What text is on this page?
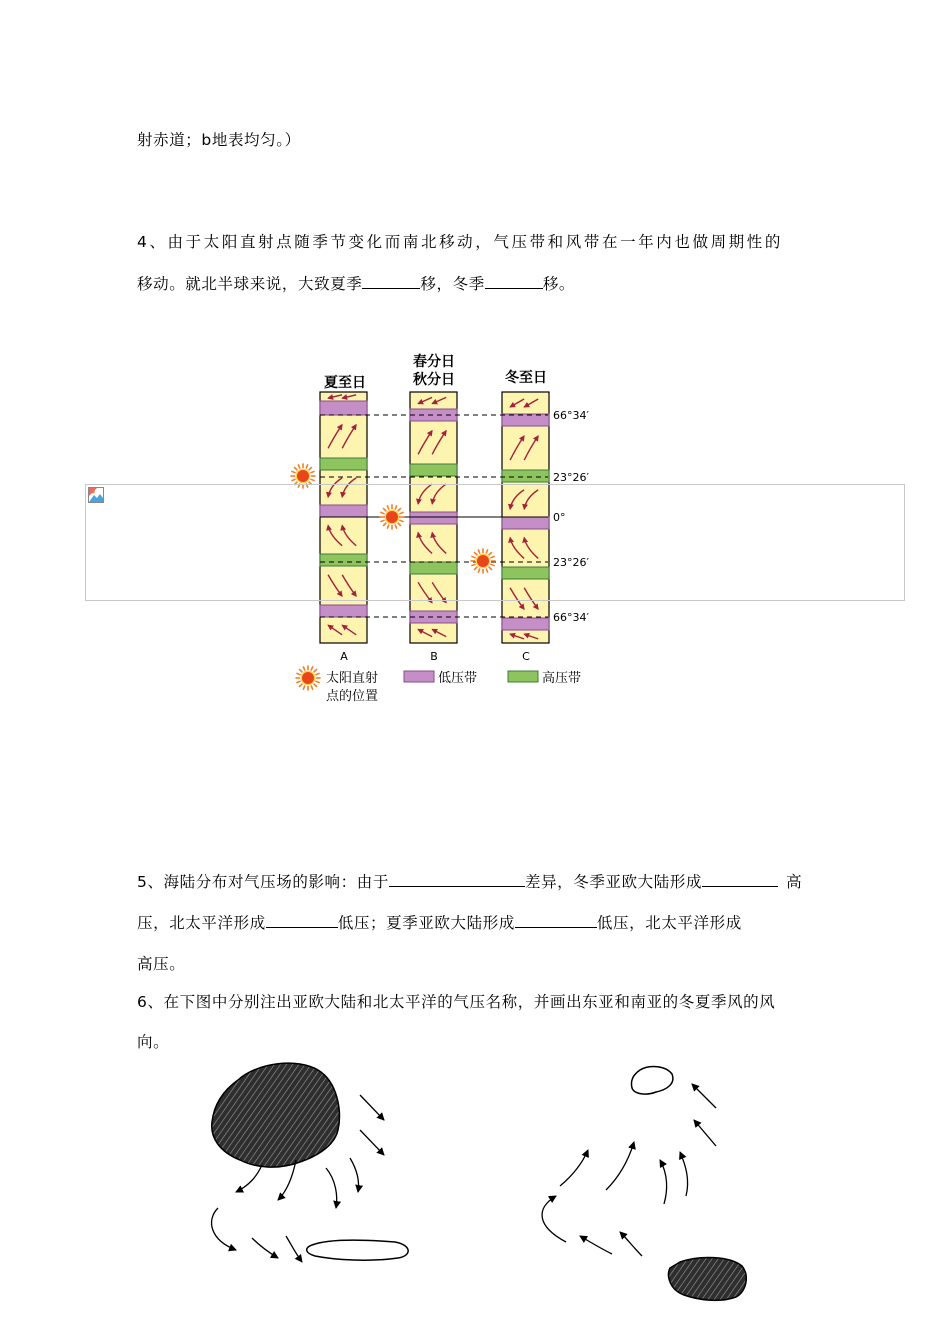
射赤道；b地表均匀。）
4、由于太阳直射点随季节变化而南北移动，气压带和风带在一年内也做周期性的
移动。就北半球来说，大致夏季	移，冬季	移。
5、海陆分布对气压场的影响：由于	差异，冬季亚欧大陆形成	高
压，北太平洋形成	低压；夏季亚欧大陆形成	低压，北太平洋形成
高压。
6、在下图中分别注出亚欧大陆和北太平洋的气压名称，并画出东亚和南亚的冬夏季风的风
向。
夏至日
春分日
秋分日	冬至日
66°34′
23°26′
0°
23°26′
66°34′
A	B	C
太阳直射
点的位置
低压带	高压带
